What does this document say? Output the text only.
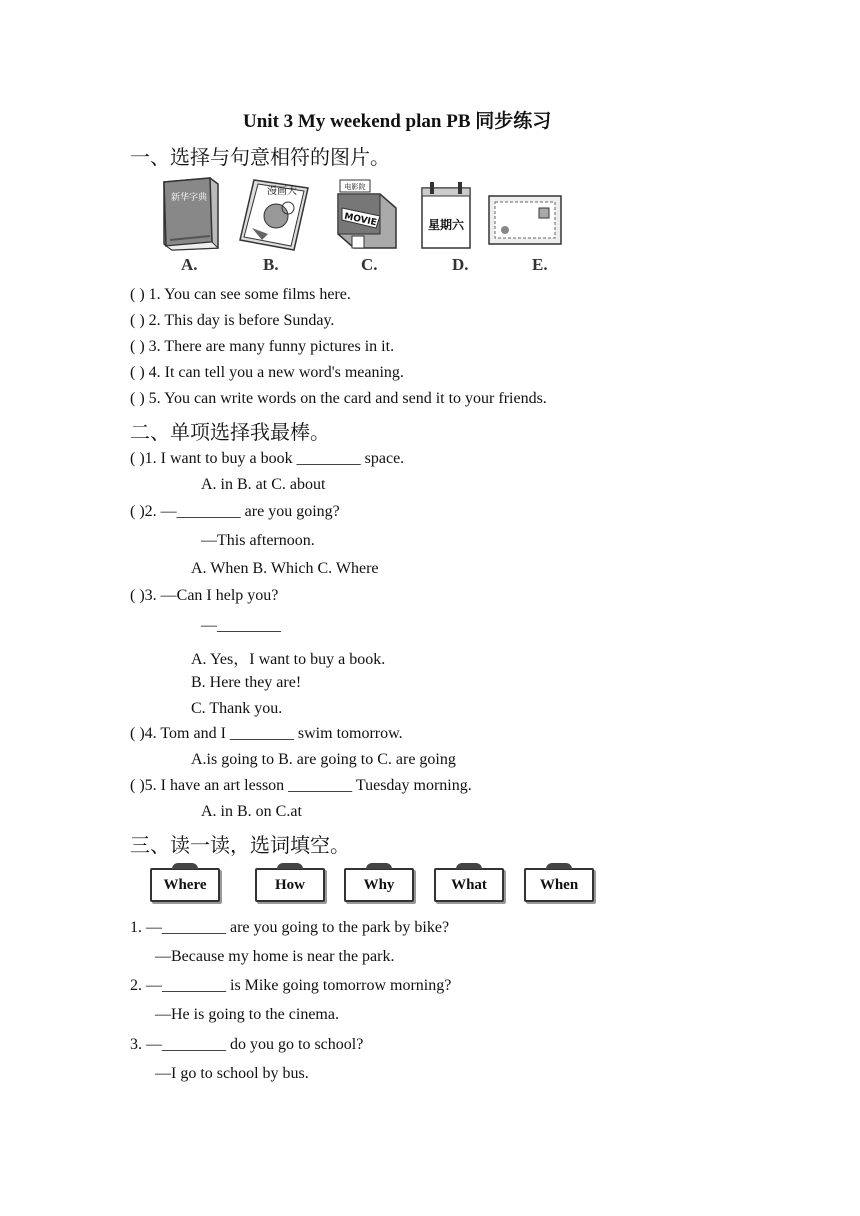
Unit 3 My weekend plan PB 同步练习
一、选择与句意相符的图片。
新华字典
A.
漫画大
B.
电影院
MOVIE
C.
星期六
D.	E.
( ) 1. You can see some films here.
( ) 2. This day is before Sunday.
( ) 3. There are many funny pictures in it.
( ) 4. It can tell you a new word's meaning.
( ) 5. You can write words on the card and send it to your friends.
二、单项选择我最棒。
( )1. I want to buy a book ________ space.
A. in B. at C. about
( )2. —________ are you going?
—This afternoon.
A. When B. Which C. Where
( )3. —Can I help you?
—________
A. Yes，I want to buy a book.
B. Here they are!
C. Thank you.
( )4. Tom and I ________ swim tomorrow.
A.is going to B. are going to C. are going
( )5. I have an art lesson ________ Tuesday morning.
A. in B. on C.at
三、读一读，选词填空。
Where	How	Why	What	When
1. —________ are you going to the park by bike?
—Because my home is near the park.
2. —________ is Mike going tomorrow morning?
—He is going to the cinema.
3. —________ do you go to school?
—I go to school by bus.
